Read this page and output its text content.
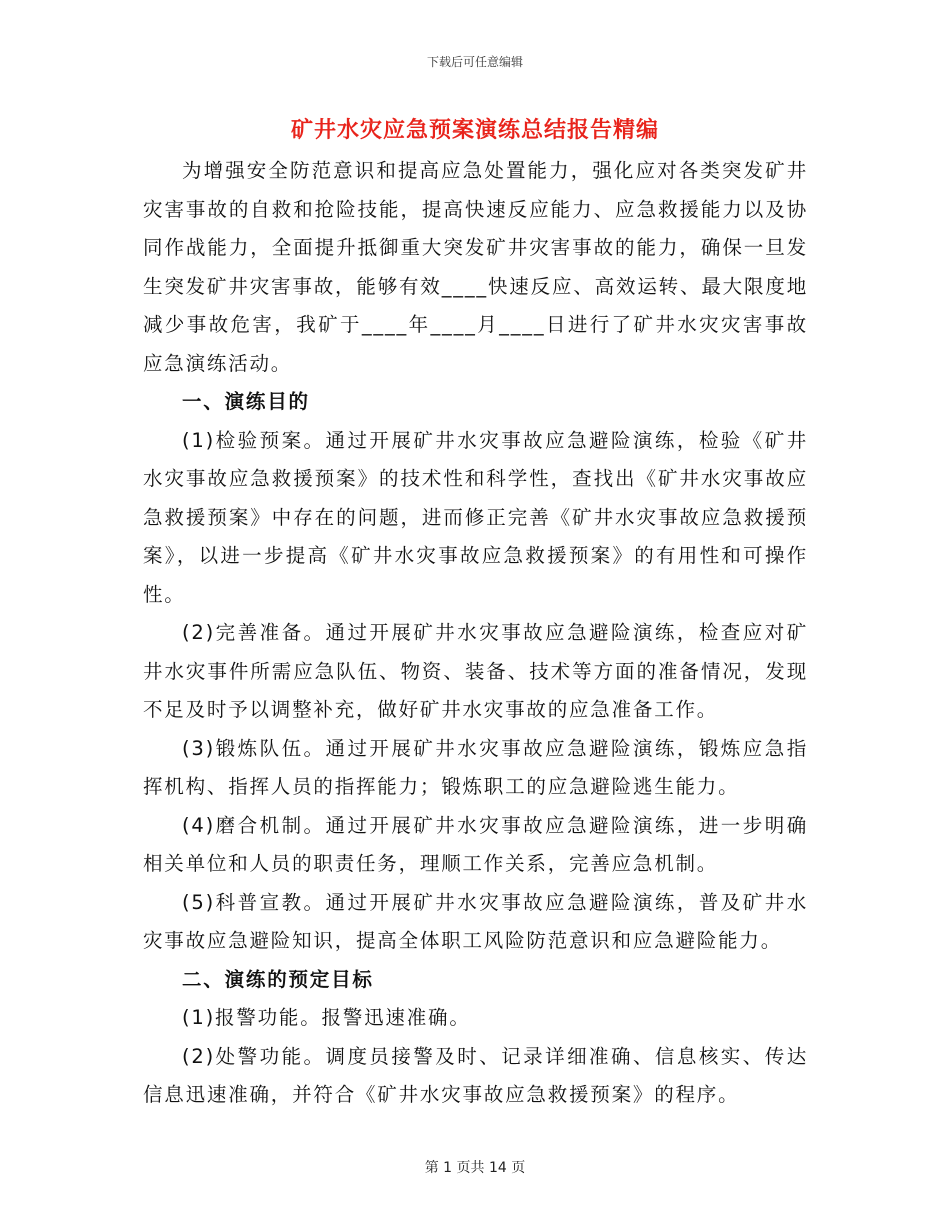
下载后可任意编辑
矿井水灾应急预案演练总结报告精编

为增强安全防范意识和提高应急处置能力，强化应对各类突发矿井灾害事故的自救和抢险技能，提高快速反应能力、应急救援能力以及协同作战能力，全面提升抵御重大突发矿井灾害事故的能力，确保一旦发生突发矿井灾害事故，能够有效____快速反应、高效运转、最大限度地减少事故危害，我矿于____年____月____日进行了矿井水灾灾害事故应急演练活动。

一、演练目的

(1)检验预案。通过开展矿井水灾事故应急避险演练，检验《矿井水灾事故应急救援预案》的技术性和科学性，查找出《矿井水灾事故应急救援预案》中存在的问题，进而修正完善《矿井水灾事故应急救援预案》，以进一步提高《矿井水灾事故应急救援预案》的有用性和可操作性。

(2)完善准备。通过开展矿井水灾事故应急避险演练，检查应对矿井水灾事件所需应急队伍、物资、装备、技术等方面的准备情况，发现不足及时予以调整补充，做好矿井水灾事故的应急准备工作。

(3)锻炼队伍。通过开展矿井水灾事故应急避险演练，锻炼应急指挥机构、指挥人员的指挥能力；锻炼职工的应急避险逃生能力。

(4)磨合机制。通过开展矿井水灾事故应急避险演练，进一步明确相关单位和人员的职责任务，理顺工作关系，完善应急机制。

(5)科普宣教。通过开展矿井水灾事故应急避险演练，普及矿井水灾事故应急避险知识，提高全体职工风险防范意识和应急避险能力。

二、演练的预定目标

(1)报警功能。报警迅速准确。

(2)处警功能。调度员接警及时、记录详细准确、信息核实、传达信息迅速准确，并符合《矿井水灾事故应急救援预案》的程序。

第 1 页共 14 页
